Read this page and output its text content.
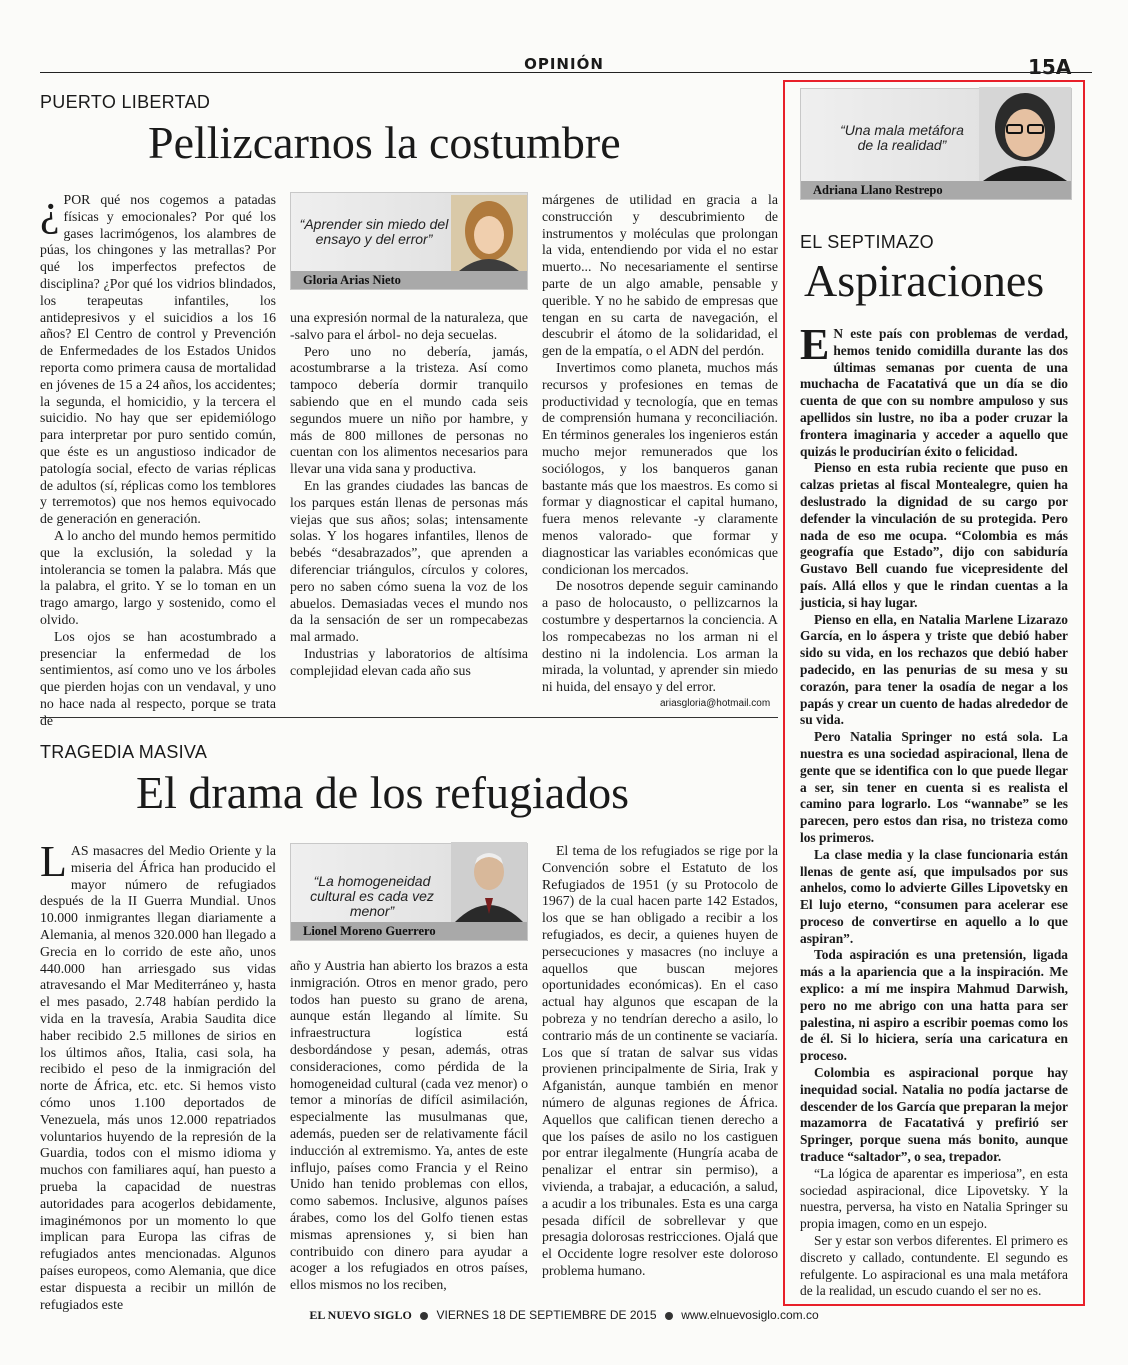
OPINIÓN	15A
PUERTO LIBERTAD
Pellizcarnos la costumbre

¿ POR qué nos cogemos a patadas físicas y emocionales? Por qué los gases lacrimógenos, los alambres de púas, los chingones y las metrallas? Por qué los imperfectos prefectos de disciplina? ¿Por qué los vidrios blindados, los terapeutas infantiles, los antidepresivos y el suicidios a los 16 años? El Centro de control y Prevención de Enfermedades de los Estados Unidos reporta como primera causa de mortalidad en jóvenes de 15 a 24 años, los accidentes; la segunda, el homicidio, y la tercera el suicidio. No hay que ser epidemiólogo para interpretar por puro sentido común, que éste es un angustioso indicador de patología social, efecto de varias réplicas de adultos (sí, réplicas como los temblores y terremotos) que nos hemos equivocado de generación en generación.

A lo ancho del mundo hemos permitido que la exclusión, la soledad y la intolerancia se tomen la palabra. Más que la palabra, el grito. Y se lo toman en un trago amargo, largo y sostenido, como el olvido.

Los ojos se han acostumbrado a presenciar la enfermedad de los sentimientos, así como uno ve los árboles que pierden hojas con un vendaval, y uno no hace nada al respecto, porque se trata de

“Aprender sin miedo del ensayo y del error”
Gloria Arias Nieto

una expresión normal de la naturaleza, que -salvo para el árbol- no deja secuelas.

Pero uno no debería, jamás, acostumbrarse a la tristeza. Así como tampoco debería dormir tranquilo sabiendo que en el mundo cada seis segundos muere un niño por hambre, y más de 800 millones de personas no cuentan con los alimentos necesarios para llevar una vida sana y productiva.

En las grandes ciudades las bancas de los parques están llenas de personas más viejas que sus años; solas; intensamente solas. Y los hogares infantiles, llenos de bebés “desabrazados”, que aprenden a diferenciar triángulos, círculos y colores, pero no saben cómo suena la voz de los abuelos. Demasiadas veces el mundo nos da la sensación de ser un rompecabezas mal armado.

Industrias y laboratorios de altísima complejidad elevan cada año sus

márgenes de utilidad en gracia a la construcción y descubrimiento de instrumentos y moléculas que prolongan la vida, entendiendo por vida el no estar muerto... No necesariamente el sentirse parte de un algo amable, pensable y querible. Y no he sabido de empresas que tengan en su carta de navegación, el descubrir el átomo de la solidaridad, el gen de la empatía, o el ADN del perdón.

Invertimos como planeta, muchos más recursos y profesiones en temas de productividad y tecnología, que en temas de comprensión humana y reconciliación. En términos generales los ingenieros están mucho mejor remunerados que los sociólogos, y los banqueros ganan bastante más que los maestros. Es como si formar y diagnosticar el capital humano, fuera menos relevante -y claramente menos valorado- que formar y diagnosticar las variables económicas que condicionan los mercados.

De nosotros depende seguir caminando a paso de holocausto, o pellizcarnos la costumbre y despertarnos la conciencia. A los rompecabezas no los arman ni el destino ni la indolencia. Los arman la mirada, la voluntad, y aprender sin miedo ni huida, del ensayo y del error.

ariasgloria@hotmail.com
TRAGEDIA MASIVA
El drama de los refugiados

LAS masacres del Medio Oriente y la miseria del África han producido el mayor número de refugiados después de la II Guerra Mundial. Unos 10.000 inmigrantes llegan diariamente a Alemania, al menos 320.000 han llegado a Grecia en lo corrido de este año, unos 440.000 han arriesgado sus vidas atravesando el Mar Mediterráneo y, hasta el mes pasado, 2.748 habían perdido la vida en la travesía, Arabia Saudita dice haber recibido 2.5 millones de sirios en los últimos años, Italia, casi sola, ha recibido el peso de la inmigración del norte de África, etc. etc. Si hemos visto cómo unos 1.100 deportados de Venezuela, más unos 12.000 repatriados voluntarios huyendo de la represión de la Guardia, todos con el mismo idioma y muchos con familiares aquí, han puesto a prueba la capacidad de nuestras autoridades para acogerlos debidamente, imaginémonos por un momento lo que implican para Europa las cifras de refugiados antes mencionadas. Algunos países europeos, como Alemania, que dice estar dispuesta a recibir un millón de refugiados este

“La homogeneidad cultural es cada vez menor”
Lionel Moreno Guerrero

año y Austria han abierto los brazos a esta inmigración. Otros en menor grado, pero todos han puesto su grano de arena, aunque están llegando al límite. Su infraestructura logística está desbordándose y pesan, además, otras consideraciones, como pérdida de la homogeneidad cultural (cada vez menor) o temor a minorías de difícil asimilación, especialmente las musulmanas que, además, pueden ser de relativamente fácil inducción al extremismo. Ya, antes de este influjo, países como Francia y el Reino Unido han tenido problemas con ellos, como sabemos. Inclusive, algunos países árabes, como los del Golfo tienen estas mismas aprensiones y, si bien han contribuido con dinero para ayudar a acoger a los refugiados en otros países, ellos mismos no los reciben,

El tema de los refugiados se rige por la Convención sobre el Estatuto de los Refugiados de 1951 (y su Protocolo de 1967) de la cual hacen parte 142 Estados, los que se han obligado a recibir a los refugiados, es decir, a quienes huyen de persecuciones y masacres (no incluye a aquellos que buscan mejores oportunidades económicas). En el caso actual hay algunos que escapan de la pobreza y no tendrían derecho a asilo, lo contrario más de un continente se vaciaría. Los que sí tratan de salvar sus vidas provienen principalmente de Siria, Irak y Afganistán, aunque también en menor número de algunas regiones de África. Aquellos que califican tienen derecho a que los países de asilo no los castiguen por entrar ilegalmente (Hungría acaba de penalizar el entrar sin permiso), a vivienda, a trabajar, a educación, a salud, a acudir a los tribunales. Esta es una carga pesada difícil de sobrellevar y que presagia dolorosas restricciones. Ojalá que el Occidente logre resolver este doloroso problema humano.

“Una mala metáfora de la realidad”
Adriana Llano Restrepo
EL SEPTIMAZO
Aspiraciones

E N este país con problemas de verdad, hemos tenido comidilla durante las dos últimas semanas por cuenta de una muchacha de Facatativá que un día se dio cuenta de que con su nombre ampuloso y sus apellidos sin lustre, no iba a poder cruzar la frontera imaginaria y acceder a aquello que quizás le producirían éxito o felicidad.

Pienso en esta rubia reciente que puso en calzas prietas al fiscal Montealegre, quien ha deslustrado la dignidad de su cargo por defender la vinculación de su protegida. Pero nada de eso me ocupa. “Colombia es más geografía que Estado”, dijo con sabiduría Gustavo Bell cuando fue vicepresidente del país. Allá ellos y que le rindan cuentas a la justicia, si hay lugar.

Pienso en ella, en Natalia Marlene Lizarazo García, en lo áspera y triste que debió haber sido su vida, en los rechazos que debió haber padecido, en las penurias de su mesa y su corazón, para tener la osadía de negar a los papás y crear un cuento de hadas alrededor de su vida.

Pero Natalia Springer no está sola. La nuestra es una sociedad aspiracional, llena de gente que se identifica con lo que puede llegar a ser, sin tener en cuenta si es realista el camino para lograrlo. Los “wannabe” se les parecen, pero estos dan risa, no tristeza como los primeros.

La clase media y la clase funcionaria están llenas de gente así, que impulsados por sus anhelos, como lo advierte Gilles Lipovetsky en El lujo eterno, “consumen para acelerar ese proceso de convertirse en aquello a lo que aspiran”.

Toda aspiración es una pretensión, ligada más a la apariencia que a la inspiración. Me explico: a mí me inspira Mahmud Darwish, pero no me abrigo con una hatta para ser palestina, ni aspiro a escribir poemas como los de él. Si lo hiciera, sería una caricatura en proceso.

Colombia es aspiracional porque hay inequidad social. Natalia no podía jactarse de descender de los García que preparan la mejor mazamorra de Facatativá y prefirió ser Springer, porque suena más bonito, aunque traduce “saltador”, o sea, trepador.

“La lógica de aparentar es imperiosa”, en esta sociedad aspiracional, dice Lipovetsky. Y la nuestra, perversa, ha visto en Natalia Springer su propia imagen, como en un espejo.

Ser y estar son verbos diferentes. El primero es discreto y callado, contundente. El segundo es refulgente. Lo aspiracional es una mala metáfora de la realidad, un escudo cuando el ser no es.

EL NUEVO SIGLO VIERNES 18 DE SEPTIEMBRE DE 2015 www.elnuevosiglo.com.co
